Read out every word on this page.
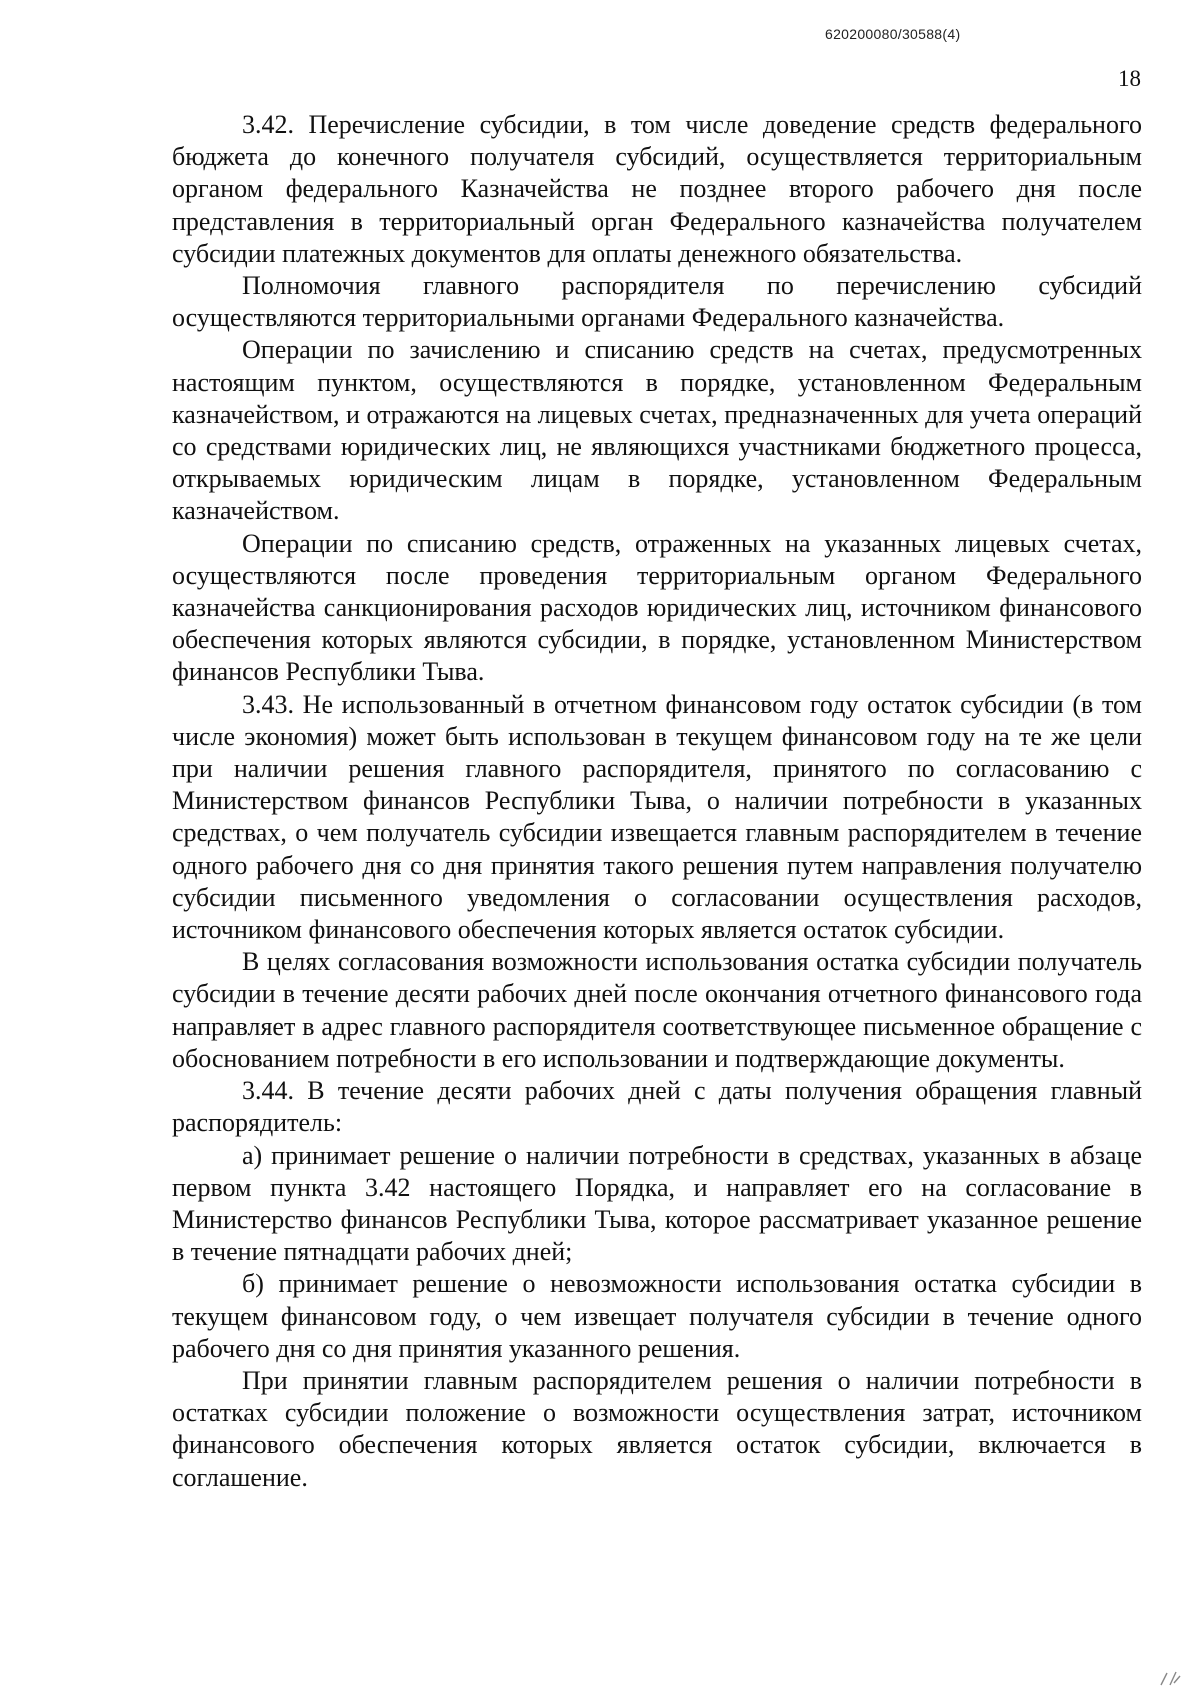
620200080/30588(4)
18

3.42. Перечисление субсидии, в том числе доведение средств федерального бюджета до конечного получателя субсидий, осуществляется территориальным органом федерального Казначейства не позднее второго рабочего дня после представления в территориальный орган Федерального казначейства получателем субсидии платежных документов для оплаты денежного обязательства.

Полномочия главного распорядителя по перечислению субсидий осуществляются территориальными органами Федерального казначейства.

Операции по зачислению и списанию средств на счетах, предусмотренных настоящим пунктом, осуществляются в порядке, установленном Федеральным казначейством, и отражаются на лицевых счетах, предназначенных для учета операций со средствами юридических лиц, не являющихся участниками бюджетного процесса, открываемых юридическим лицам в порядке, установленном Федеральным казначейством.

Операции по списанию средств, отраженных на указанных лицевых счетах, осуществляются после проведения территориальным органом Федерального казначейства санкционирования расходов юридических лиц, источником финансового обеспечения которых являются субсидии, в порядке, установленном Министерством финансов Республики Тыва.

3.43. Не использованный в отчетном финансовом году остаток субсидии (в том числе экономия) может быть использован в текущем финансовом году на те же цели при наличии решения главного распорядителя, принятого по согласованию с Министерством финансов Республики Тыва, о наличии потребности в указанных средствах, о чем получатель субсидии извещается главным распорядителем в течение одного рабочего дня со дня принятия такого решения путем направления получателю субсидии письменного уведомления о согласовании осуществления расходов, источником финансового обеспечения которых является остаток субсидии.

В целях согласования возможности использования остатка субсидии получатель субсидии в течение десяти рабочих дней после окончания отчетного финансового года направляет в адрес главного распорядителя соответствующее письменное обращение с обоснованием потребности в его использовании и подтверждающие документы.

3.44. В течение десяти рабочих дней с даты получения обращения главный распорядитель:

а) принимает решение о наличии потребности в средствах, указанных в абзаце первом пункта 3.42 настоящего Порядка, и направляет его на согласование в Министерство финансов Республики Тыва, которое рассматривает указанное решение в течение пятнадцати рабочих дней;

б) принимает решение о невозможности использования остатка субсидии в текущем финансовом году, о чем извещает получателя субсидии в течение одного рабочего дня со дня принятия указанного решения.

При принятии главным распорядителем решения о наличии потребности в остатках субсидии положение о возможности осуществления затрат, источником финансового обеспечения которых является остаток субсидии, включается в соглашение.
